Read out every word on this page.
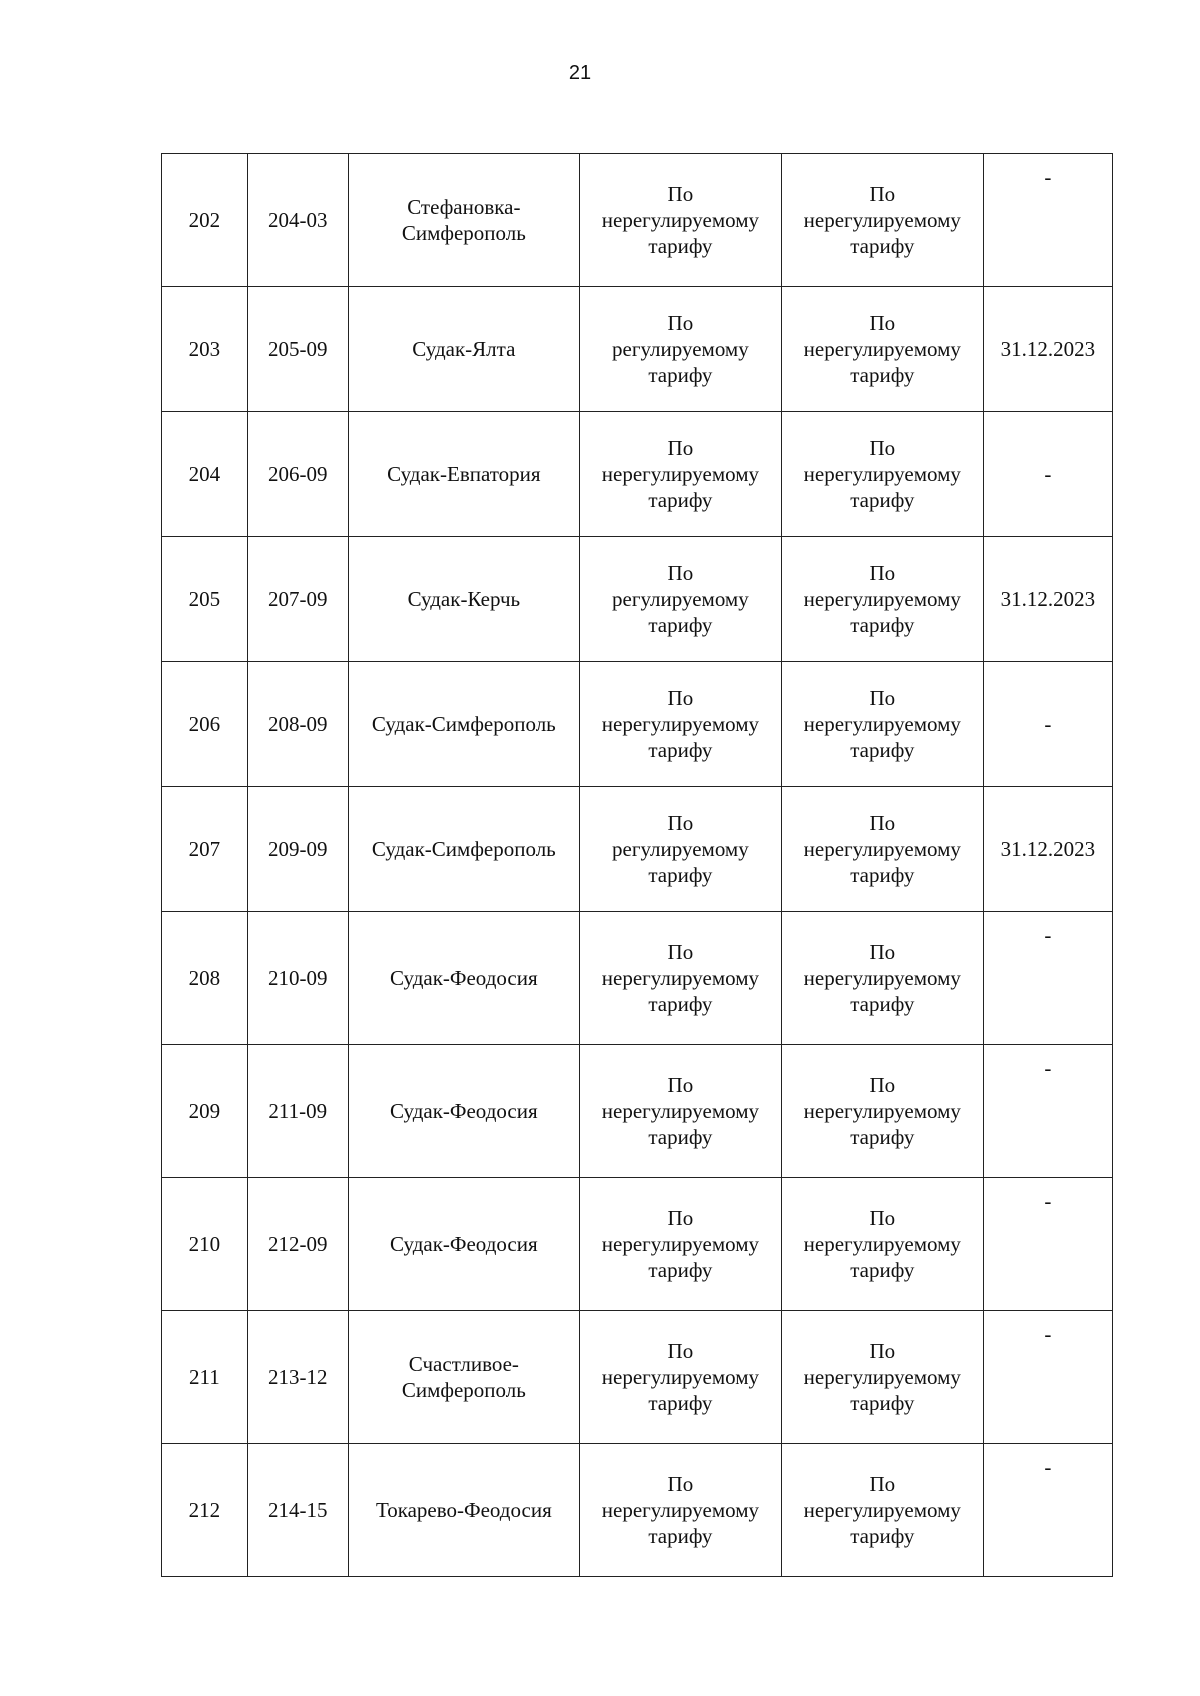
21
202	204-03	Стефановка-
Симферополь	По
нерегулируемому
тарифу	По
нерегулируемому
тарифу	-
203	205-09	Судак-Ялта	По
регулируемому
тарифу	По
нерегулируемому
тарифу	31.12.2023
204	206-09	Судак-Евпатория	По
нерегулируемому
тарифу	По
нерегулируемому
тарифу	-
205	207-09	Судак-Керчь	По
регулируемому
тарифу	По
нерегулируемому
тарифу	31.12.2023
206	208-09	Судак-Симферополь	По
нерегулируемому
тарифу	По
нерегулируемому
тарифу	-
207	209-09	Судак-Симферополь	По
регулируемому
тарифу	По
нерегулируемому
тарифу	31.12.2023
208	210-09	Судак-Феодосия	По
нерегулируемому
тарифу	По
нерегулируемому
тарифу	-
209	211-09	Судак-Феодосия	По
нерегулируемому
тарифу	По
нерегулируемому
тарифу	-
210	212-09	Судак-Феодосия	По
нерегулируемому
тарифу	По
нерегулируемому
тарифу	-
211	213-12	Счастливое-
Симферополь	По
нерегулируемому
тарифу	По
нерегулируемому
тарифу	-
212	214-15	Токарево-Феодосия	По
нерегулируемому
тарифу	По
нерегулируемому
тарифу	-
